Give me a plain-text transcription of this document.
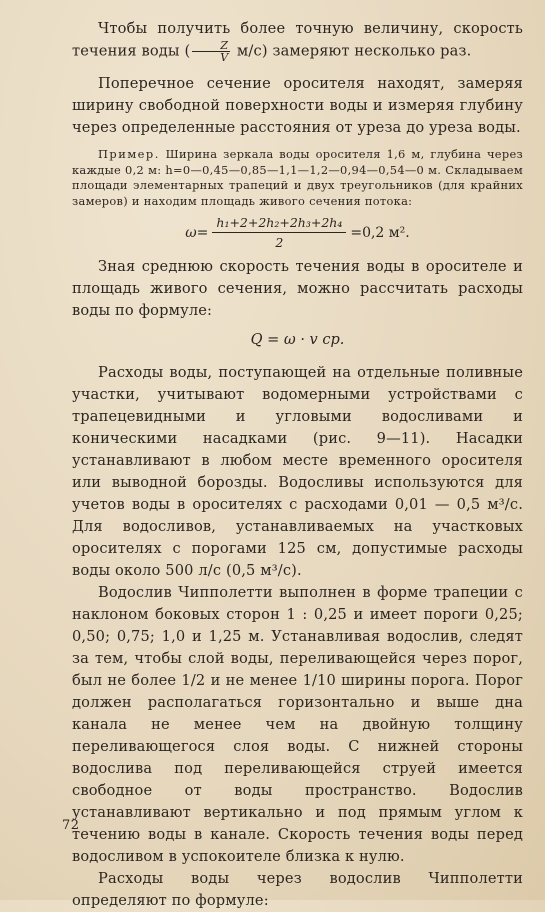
Чтобы получить более точную величину, скорость течения воды ( $\frac{Z}{V} м/с$) замеряют несколько раз.

Поперечное сечение оросителя находят, замеряя ширину свободной поверхности воды и измеряя глубину через определенные расстояния от уреза до уреза воды.

Пример. Ширина зеркала воды оросителя 1,6 м, глубина через каждые 0,2 м: h=0—0,45—0,85—1,1—1,2—0,94—0,54—0 м. Складываем площади элементарных трапеций и двух треугольников (для крайних замеров) и находим площадь живого сечения потока:

$\omega= \frac{\text{h₁+2+2h₂+2h₃+2h₄}}{2} =0,2$ м².

Зная среднюю скорость течения воды в оросителе и площадь живого сечения, можно рассчитать расходы воды по формуле:

Q = ω · v ср.

Расходы воды, поступающей на отдельные поливные участки, учитывают водомерными устройствами с трапецевидными и угловыми водосливами и коническими насадками (рис. 9—11). Насадки устанавливают в любом месте временного оросителя или выводной борозды. Водосливы используются для учетов воды в оросителях с расходами 0,01 — 0,5 м³/с. Для водосливов, устанавливаемых на участковых оросителях с порогами 125 см, допустимые расходы воды около 500 л/с (0,5 м³/с).

Водослив Чипполетти выполнен в форме трапеции с наклоном боковых сторон 1 : 0,25 и имеет пороги 0,25; 0,50; 0,75; 1,0 и 1,25 м. Устанавливая водослив, следят за тем, чтобы слой воды, переливающейся через порог, был не более 1/2 и не менее 1/10 ширины порога. Порог должен располагаться горизонтально и выше дна канала не менее чем на двойную толщину переливающегося слоя воды. С нижней стороны водослива под переливающейся струей имеется свободное от воды пространство. Водослив устанавливают вертикально и под прямым углом к течению воды в канале. Скорость течения воды перед водосливом в успокоителе близка к нулю.

Расходы воды через водослив Чипполетти определяют по формуле:

72
